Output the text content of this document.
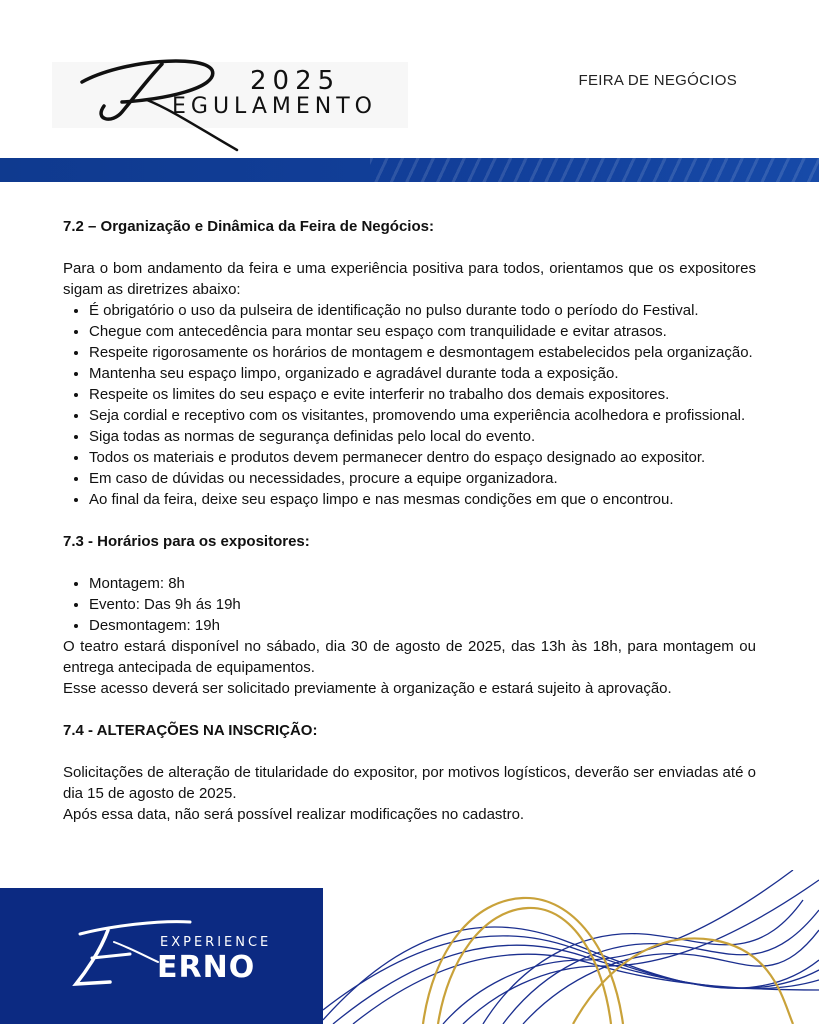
2025
EGULAMENTO
FEIRA DE NEGÓCIOS

7.2 – Organização e Dinâmica da Feira de Negócios:

Para o bom andamento da feira e uma experiência positiva para todos, orientamos que os expositores sigam as diretrizes abaixo:

• É obrigatório o uso da pulseira de identificação no pulso durante todo o período do Festival.
• Chegue com antecedência para montar seu espaço com tranquilidade e evitar atrasos.
• Respeite rigorosamente os horários de montagem e desmontagem estabelecidos pela organização.
• Mantenha seu espaço limpo, organizado e agradável durante toda a exposição.
• Respeite os limites do seu espaço e evite interferir no trabalho dos demais expositores.
• Seja cordial e receptivo com os visitantes, promovendo uma experiência acolhedora e profissional.
• Siga todas as normas de segurança definidas pelo local do evento.
• Todos os materiais e produtos devem permanecer dentro do espaço designado ao expositor.
• Em caso de dúvidas ou necessidades, procure a equipe organizadora.
• Ao final da feira, deixe seu espaço limpo e nas mesmas condições em que o encontrou.

7.3 - Horários para os expositores:

• Montagem: 8h
• Evento: Das 9h ás 19h
• Desmontagem: 19h

O teatro estará disponível no sábado, dia 30 de agosto de 2025, das 13h às 18h, para montagem ou entrega antecipada de equipamentos.

Esse acesso deverá ser solicitado previamente à organização e estará sujeito à aprovação.

7.4 - ALTERAÇÕES NA INSCRIÇÃO:

Solicitações de alteração de titularidade do expositor, por motivos logísticos, deverão ser enviadas até o dia 15 de agosto de 2025.

Após essa data, não será possível realizar modificações no cadastro.

EXPERIENCE
ERNO
